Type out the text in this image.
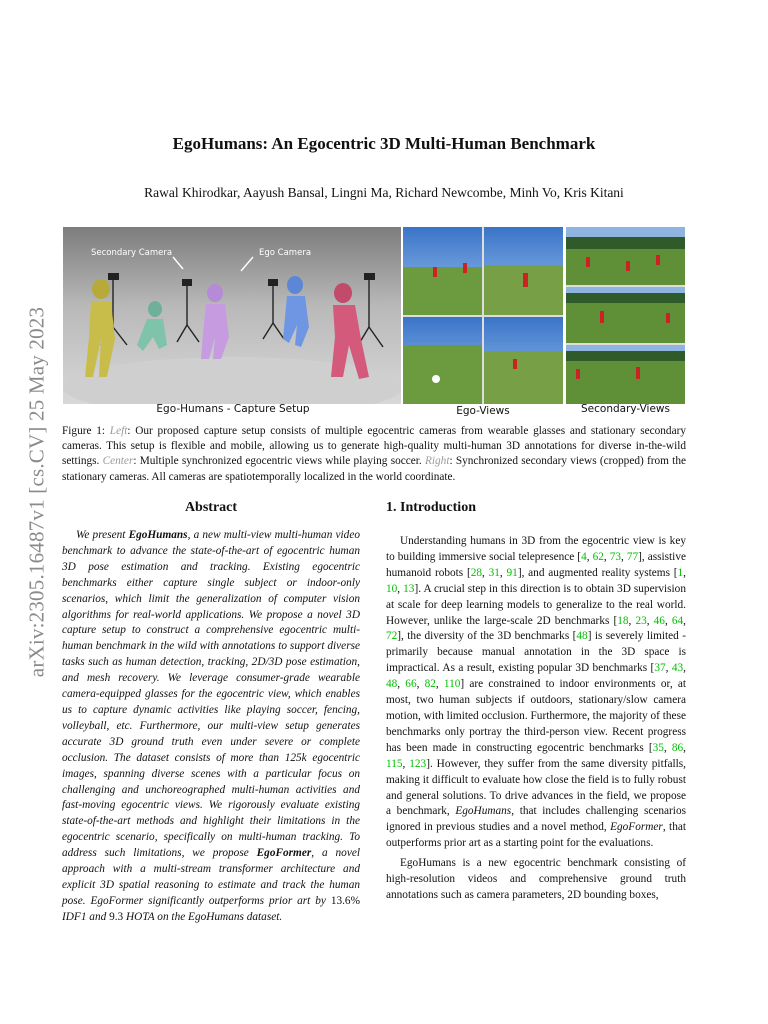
arXiv:2305.16487v1 [cs.CV] 25 May 2023
EgoHumans: An Egocentric 3D Multi-Human Benchmark
Rawal Khirodkar, Aayush Bansal, Lingni Ma, Richard Newcombe, Minh Vo, Kris Kitani
Secondary Camera	Ego Camera
Ego-Humans - Capture Setup	Ego-Views	Secondary-Views
Figure 1: Left: Our proposed capture setup consists of multiple egocentric cameras from wearable glasses and stationary secondary cameras. This setup is flexible and mobile, allowing us to generate high-quality multi-human 3D annotations for diverse in-the-wild settings. Center: Multiple synchronized egocentric views while playing soccer. Right: Synchronized secondary views (cropped) from the stationary cameras. All cameras are spatiotemporally localized in the world coordinate.
Abstract

We present EgoHumans, a new multi-view multi-human video benchmark to advance the state-of-the-art of egocentric human 3D pose estimation and tracking. Existing egocentric benchmarks either capture single subject or indoor-only scenarios, which limit the generalization of computer vision algorithms for real-world applications. We propose a novel 3D capture setup to construct a comprehensive egocentric multi-human benchmark in the wild with annotations to support diverse tasks such as human detection, tracking, 2D/3D pose estimation, and mesh recovery. We leverage consumer-grade wearable camera-equipped glasses for the egocentric view, which enables us to capture dynamic activities like playing soccer, fencing, volleyball, etc. Furthermore, our multi-view setup generates accurate 3D ground truth even under severe or complete occlusion. The dataset consists of more than 125k egocentric images, spanning diverse scenes with a particular focus on challenging and unchoreographed multi-human activities and fast-moving egocentric views. We rigorously evaluate existing state-of-the-art methods and highlight their limitations in the egocentric scenario, specifically on multi-human tracking. To address such limitations, we propose EgoFormer, a novel approach with a multi-stream transformer architecture and explicit 3D spatial reasoning to estimate and track the human pose. EgoFormer significantly outperforms prior art by 13.6% IDF1 and 9.3 HOTA on the EgoHumans dataset.

1. Introduction

Understanding humans in 3D from the egocentric view is key to building immersive social telepresence [4, 62, 73, 77], assistive humanoid robots [28, 31, 91], and augmented reality systems [1, 10, 13]. A crucial step in this direction is to obtain 3D supervision at scale for deep learning models to generalize to the real world. However, unlike the large-scale 2D benchmarks [18, 23, 46, 64, 72], the diversity of the 3D benchmarks [48] is severely limited - primarily because manual annotation in the 3D space is impractical. As a result, existing popular 3D benchmarks [37, 43, 48, 66, 82, 110] are constrained to indoor environments or, at most, two human subjects if outdoors, stationary/slow camera motion, with limited occlusion. Furthermore, the majority of these benchmarks only portray the third-person view. Recent progress has been made in constructing egocentric benchmarks [35, 86, 115, 123]. However, they suffer from the same diversity pitfalls, making it difficult to evaluate how close the field is to fully robust and general solutions. To drive advances in the field, we propose a benchmark, EgoHumans, that includes challenging scenarios ignored in previous studies and a novel method, EgoFormer, that outperforms prior art as a starting point for the evaluations.

EgoHumans is a new egocentric benchmark consisting of high-resolution videos and comprehensive ground truth annotations such as camera parameters, 2D bounding boxes,
